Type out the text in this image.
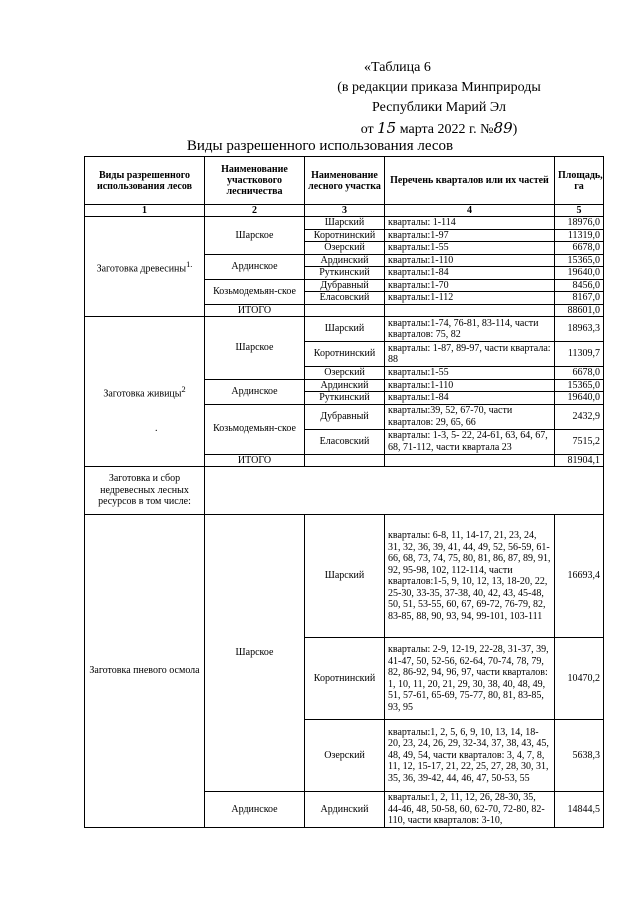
«Таблица 6
(в редакции приказа Минприроды
Республики Марий Эл
от 15 марта 2022 г. №89)
Виды разрешенного использования лесов
Виды разрешенного использования лесов	Наименование участкового лесничества	Наименование лесного участка	Перечень кварталов или их частей	Площадь, га
1	2	3	4	5
Заготовка древесины$^{1.}$	Шарское	Шарский	кварталы: 1-114	18976,0
		Коротнинский	кварталы:1-97	11319,0
		Озерский	кварталы:1-55	6678,0
	Ардинское	Ардинский	кварталы:1-110	15365,0
		Руткинский	кварталы:1-84	19640,0
	Козьмодемьян-ское	Дубравный	кварталы:1-70	8456,0
		Еласовский	кварталы:1-112	8167,0
	ИТОГО			88601,0
Заготовка живицы$^2$	Шарское	Шарский	кварталы:1-74, 76-81, 83-114, части кварталов: 75, 82	18963,3
		Коротнинский	кварталы: 1-87, 89-97, части квартала: 88	11309,7
		Озерский	кварталы:1-55	6678,0
	Ардинское	Ардинский	кварталы:1-110	15365,0
		Руткинский	кварталы:1-84	19640,0
	Козьмодемьян-ское	Дубравный	кварталы:39, 52, 67-70, части кварталов: 29, 65, 66	2432,9
		Еласовский	кварталы: 1-3, 5- 22, 24-61, 63, 64, 67, 68, 71-112, части квартала 23	7515,2
	ИТОГО			81904,1
Заготовка и сбор недревесных лесных ресурсов в том числе:				
Заготовка пневого осмола	Шарское	Шарский	кварталы: 6-8, 11, 14-17, 21, 23, 24, 31, 32, 36, 39, 41, 44, 49, 52, 56-59, 61-66, 68, 73, 74, 75, 80, 81, 86, 87, 89, 91, 92, 95-98, 102, 112-114, части кварталов:1-5, 9, 10, 12, 13, 18-20, 22, 25-30, 33-35, 37-38, 40, 42, 43, 45-48, 50, 51, 53-55, 60, 67, 69-72, 76-79, 82, 83-85, 88, 90, 93, 94, 99-101, 103-111	16693,4
		Коротнинский	кварталы: 2-9, 12-19, 22-28, 31-37, 39, 41-47, 50, 52-56, 62-64, 70-74, 78, 79, 82, 86-92, 94, 96, 97, части кварталов: 1, 10, 11, 20, 21, 29, 30, 38, 40, 48, 49, 51, 57-61, 65-69, 75-77, 80, 81, 83-85, 93, 95	10470,2
		Озерский	кварталы:1, 2, 5, 6, 9, 10, 13, 14, 18-20, 23, 24, 26, 29, 32-34, 37, 38, 43, 45, 48, 49, 54, части кварталов: 3, 4, 7, 8, 11, 12, 15-17, 21, 22, 25, 27, 28, 30, 31, 35, 36, 39-42, 44, 46, 47, 50-53, 55	5638,3
	Ардинское	Ардинский	кварталы:1, 2, 11, 12, 26, 28-30, 35, 44-46, 48, 50-58, 60, 62-70, 72-80, 82-110, части кварталов: 3-10,	14844,5
.
